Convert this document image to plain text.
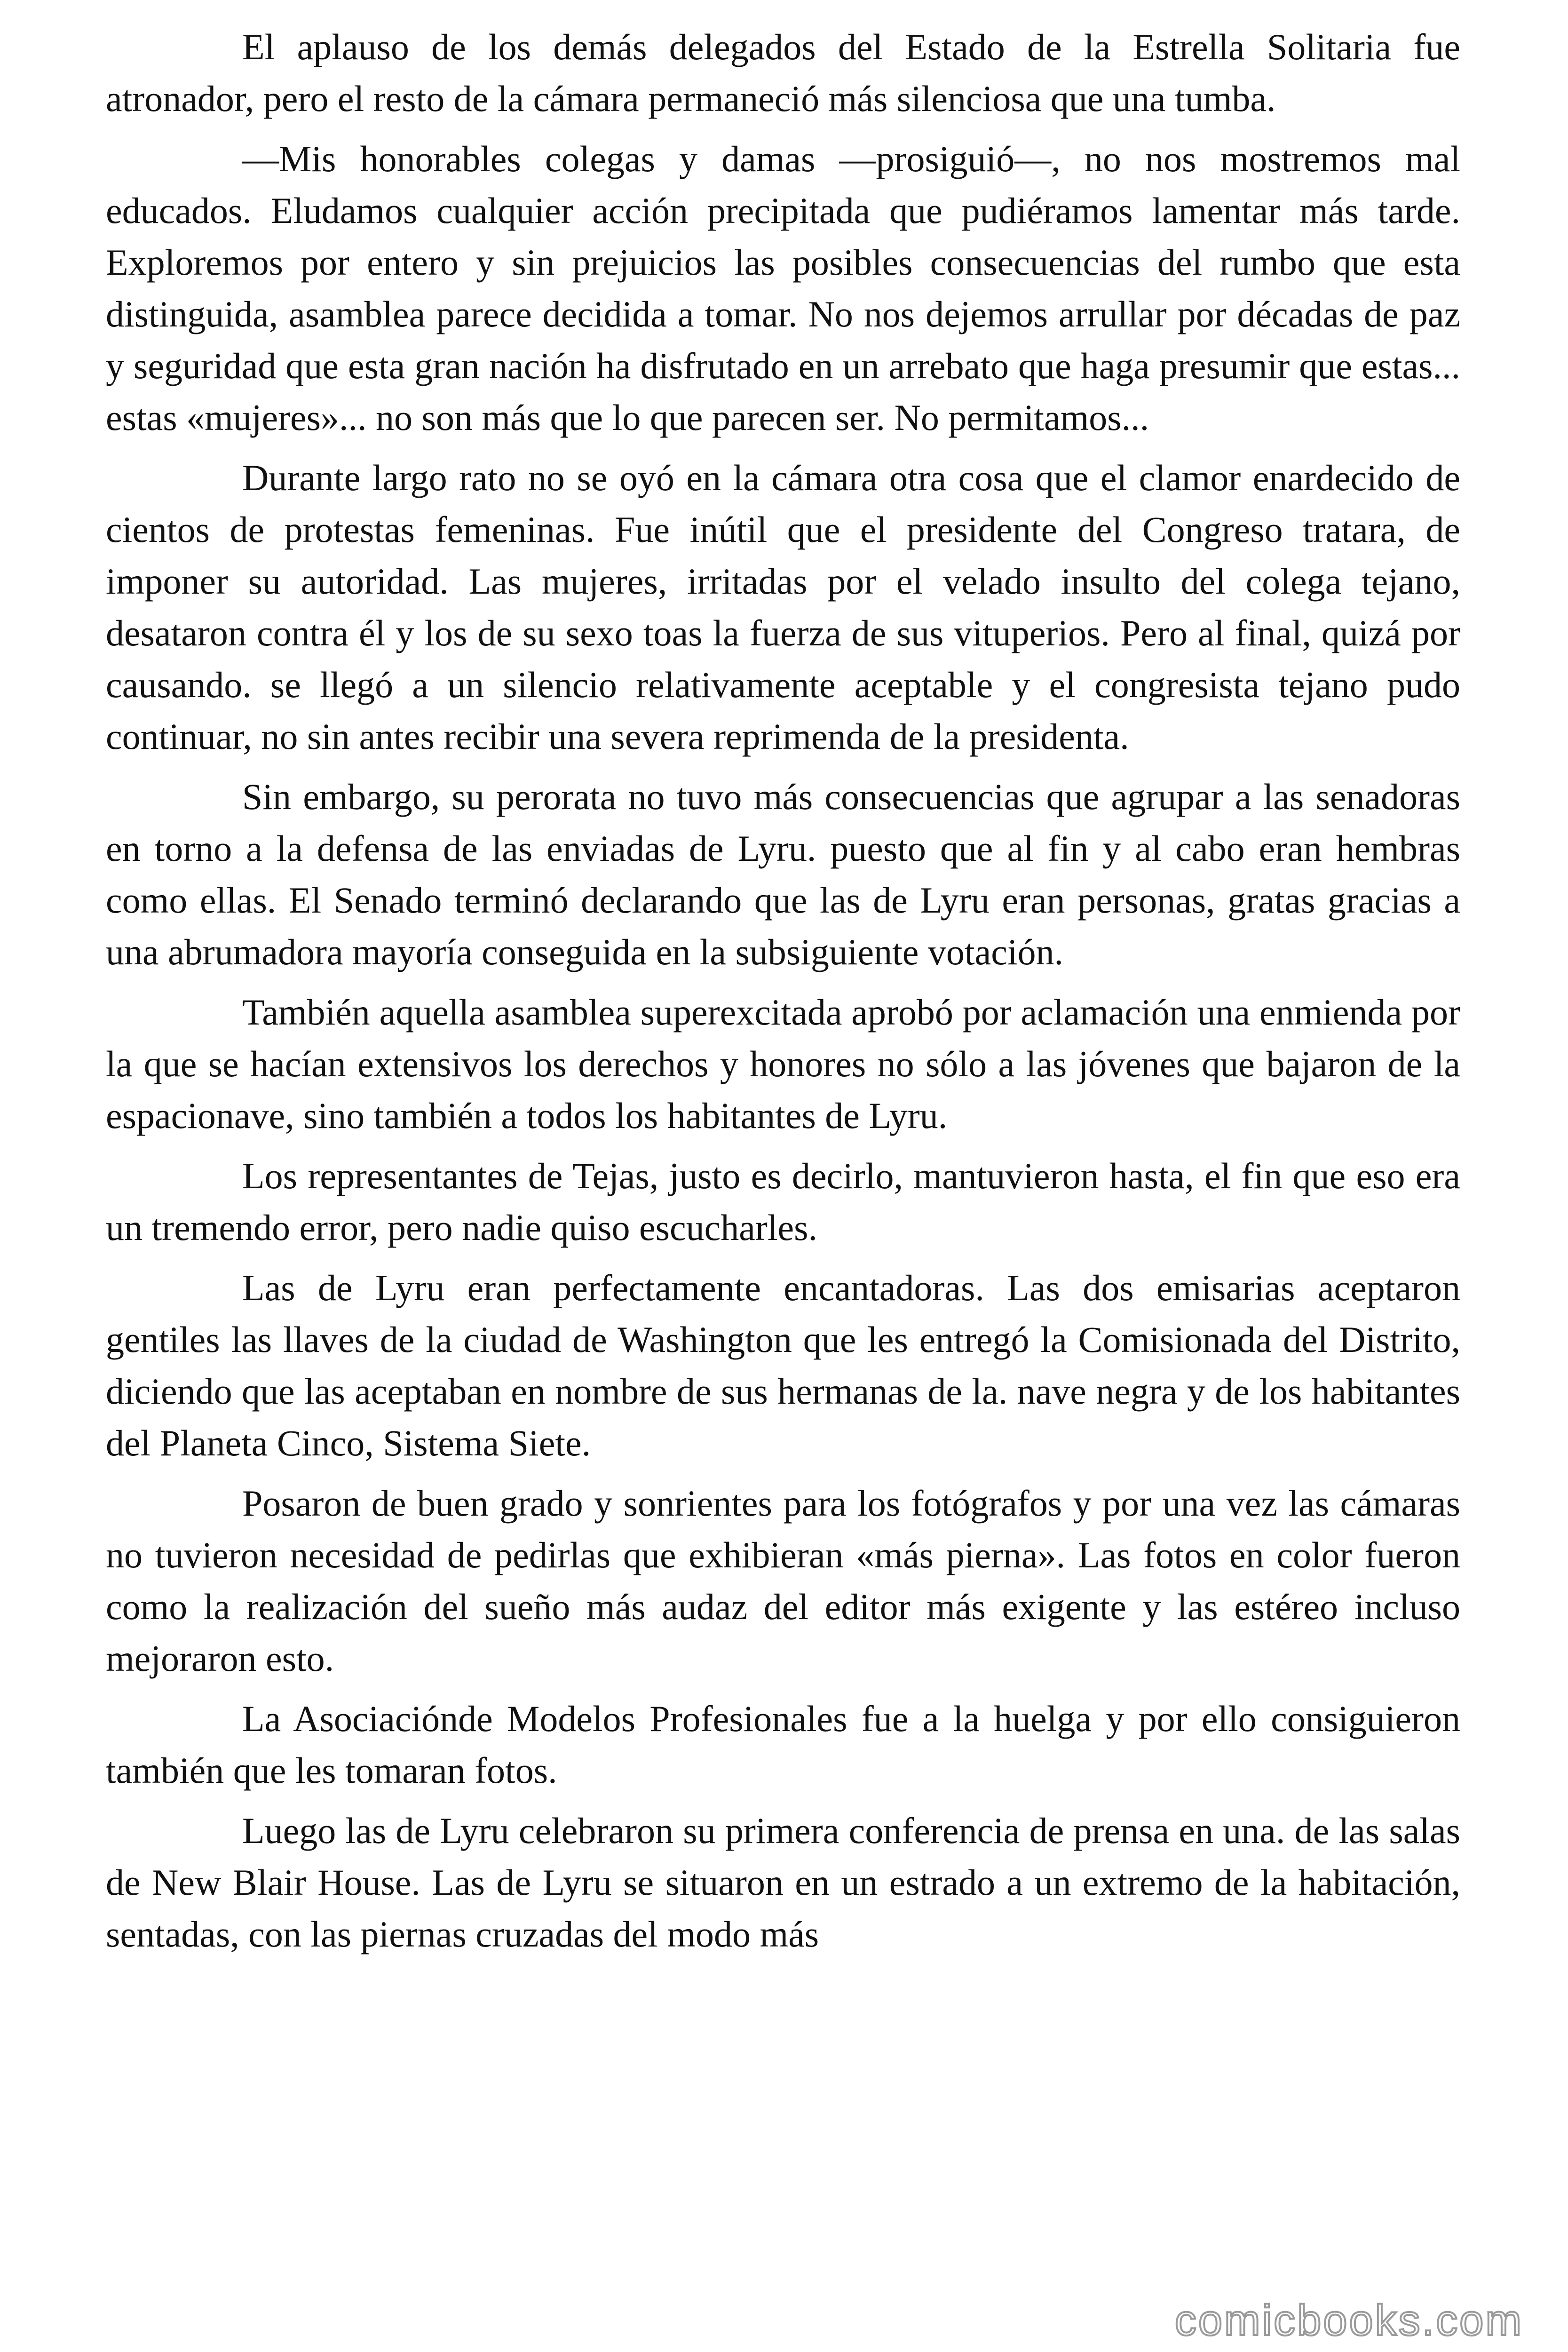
El aplauso de los demás delegados del Estado de la Estrella Solitaria fue atronador, pero el resto de la cámara permaneció más silenciosa que una tumba.

—Mis honorables colegas y damas —prosiguió—, no nos mostremos mal educados. Eludamos cualquier acción precipitada que pudiéramos lamentar más tarde. Exploremos por entero y sin prejuicios las posibles consecuencias del rumbo que esta distinguida, asamblea parece decidida a tomar. No nos dejemos arrullar por décadas de paz y seguridad que esta gran nación ha disfrutado en un arrebato que haga presumir que estas... estas «mujeres»... no son más que lo que parecen ser. No permitamos...

Durante largo rato no se oyó en la cámara otra cosa que el clamor enardecido de cientos de protestas femeninas. Fue inútil que el presidente del Congreso tratara, de imponer su autoridad. Las mujeres, irritadas por el velado insulto del colega tejano, desataron contra él y los de su sexo toas la fuerza de sus vituperios. Pero al final, quizá por causando. se llegó a un silencio relativamente aceptable y el congresista tejano pudo continuar, no sin antes recibir una severa reprimenda de la presidenta.

Sin embargo, su perorata no tuvo más consecuencias que agrupar a las senadoras en torno a la defensa de las enviadas de Lyru. puesto que al fin y al cabo eran hembras como ellas. El Senado terminó declarando que las de Lyru eran personas, gratas gracias a una abrumadora mayoría conseguida en la subsiguiente votación.

También aquella asamblea superexcitada aprobó por aclamación una enmienda por la que se hacían extensivos los derechos y honores no sólo a las jóvenes que bajaron de la espacionave, sino también a todos los habitantes de Lyru.

Los representantes de Tejas, justo es decirlo, mantuvieron hasta, el fin que eso era un tremendo error, pero nadie quiso escucharles.

Las de Lyru eran perfectamente encantadoras. Las dos emisarias aceptaron gentiles las llaves de la ciudad de Washington que les entregó la Comisionada del Distrito, diciendo que las aceptaban en nombre de sus hermanas de la. nave negra y de los habitantes del Planeta Cinco, Sistema Siete.

Posaron de buen grado y sonrientes para los fotógrafos y por una vez las cámaras no tuvieron necesidad de pedirlas que exhibieran «más pierna». Las fotos en color fueron como la realización del sueño más audaz del editor más exigente y las estéreo incluso mejoraron esto.

La Asociaciónde Modelos Profesionales fue a la huelga y por ello consiguieron también que les tomaran fotos.

Luego las de Lyru celebraron su primera conferencia de prensa en una. de las salas de New Blair House. Las de Lyru se situaron en un estrado a un extremo de la habitación, sentadas, con las piernas cruzadas del modo más

comicbooks.com
